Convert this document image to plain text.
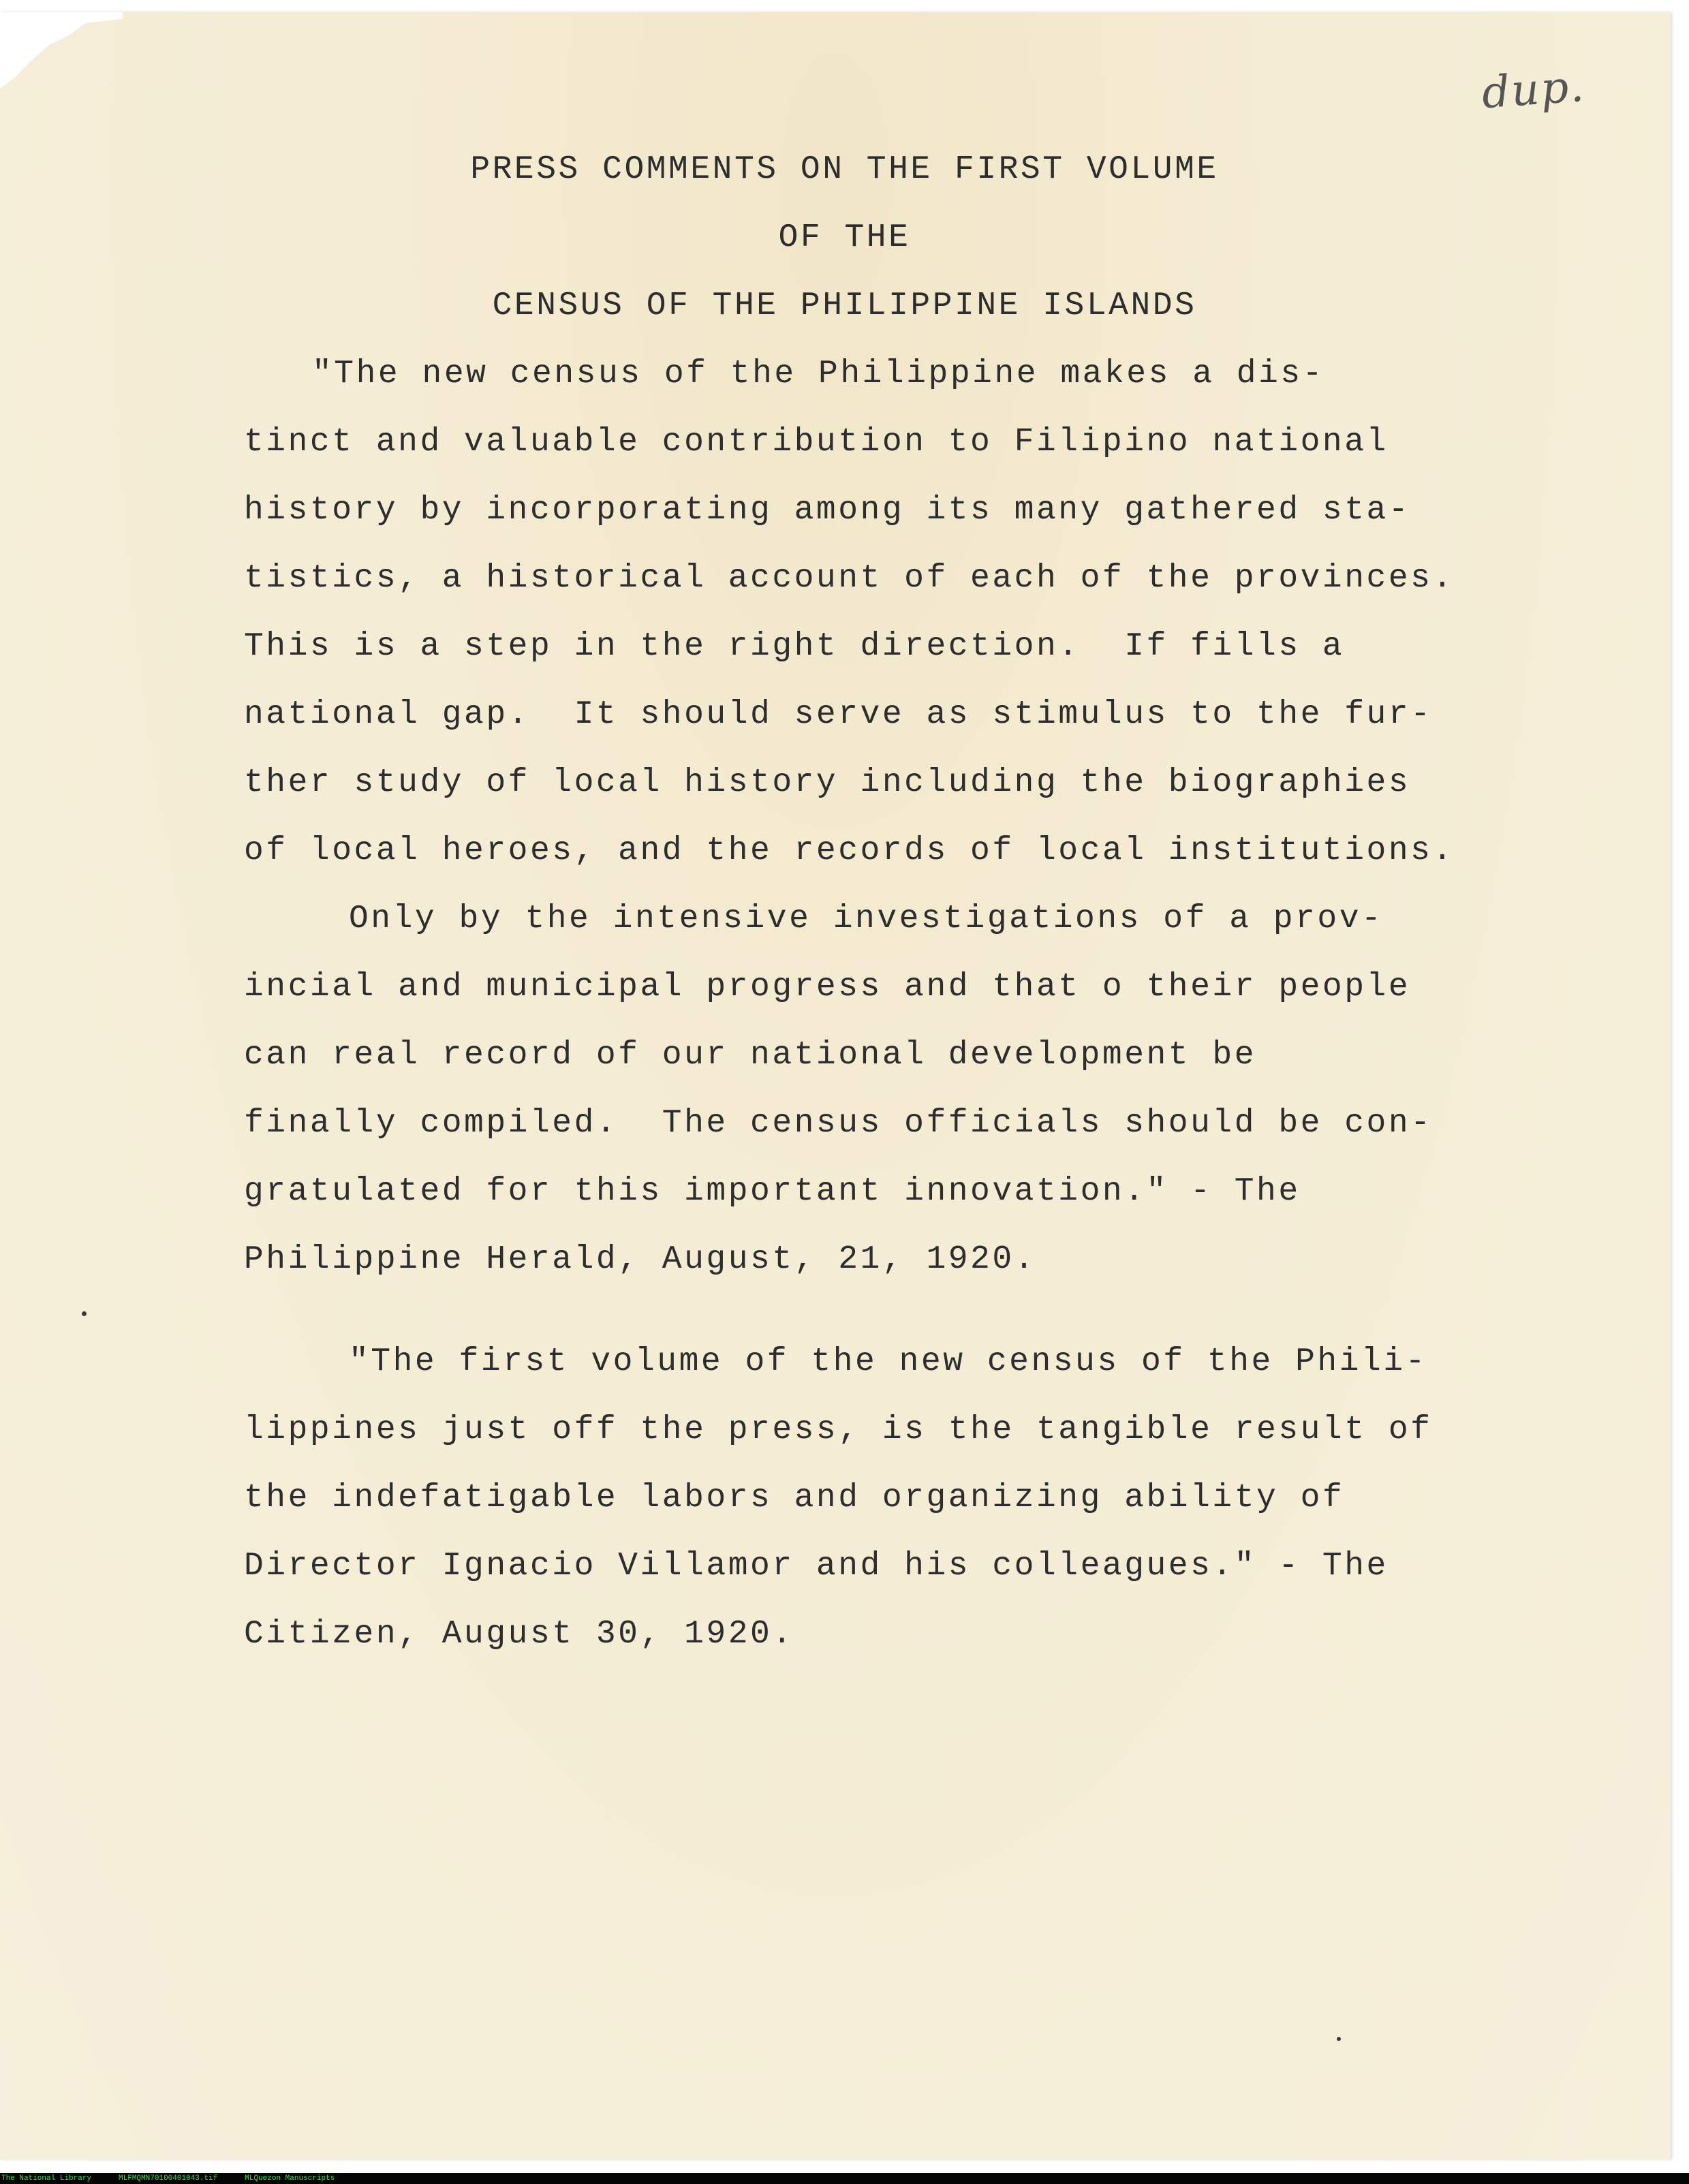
dup.
PRESS COMMENTS ON THE FIRST VOLUME
OF THE
CENSUS OF THE PHILIPPINE ISLANDS
"The new census of the Philippine makes a dis-
tinct and valuable contribution to Filipino national
history by incorporating among its many gathered sta-
tistics, a historical account of each of the provinces.
This is a step in the right direction.  If fills a
national gap.  It should serve as stimulus to the fur-
ther study of local history including the biographies
of local heroes, and the records of local institutions.
Only by the intensive investigations of a prov-
incial and municipal progress and that o their people
can real record of our national development be
finally compiled.  The census officials should be con-
gratulated for this important innovation." - The
Philippine Herald, August, 21, 1920.
"The first volume of the new census of the Phili-
lippines just off the press, is the tangible result of
the indefatigable labors and organizing ability of
Director Ignacio Villamor and his colleagues." - The
Citizen, August 30, 1920.
The National Library	MLFMQMN70100401043.tif	MLQuezon Manuscripts
